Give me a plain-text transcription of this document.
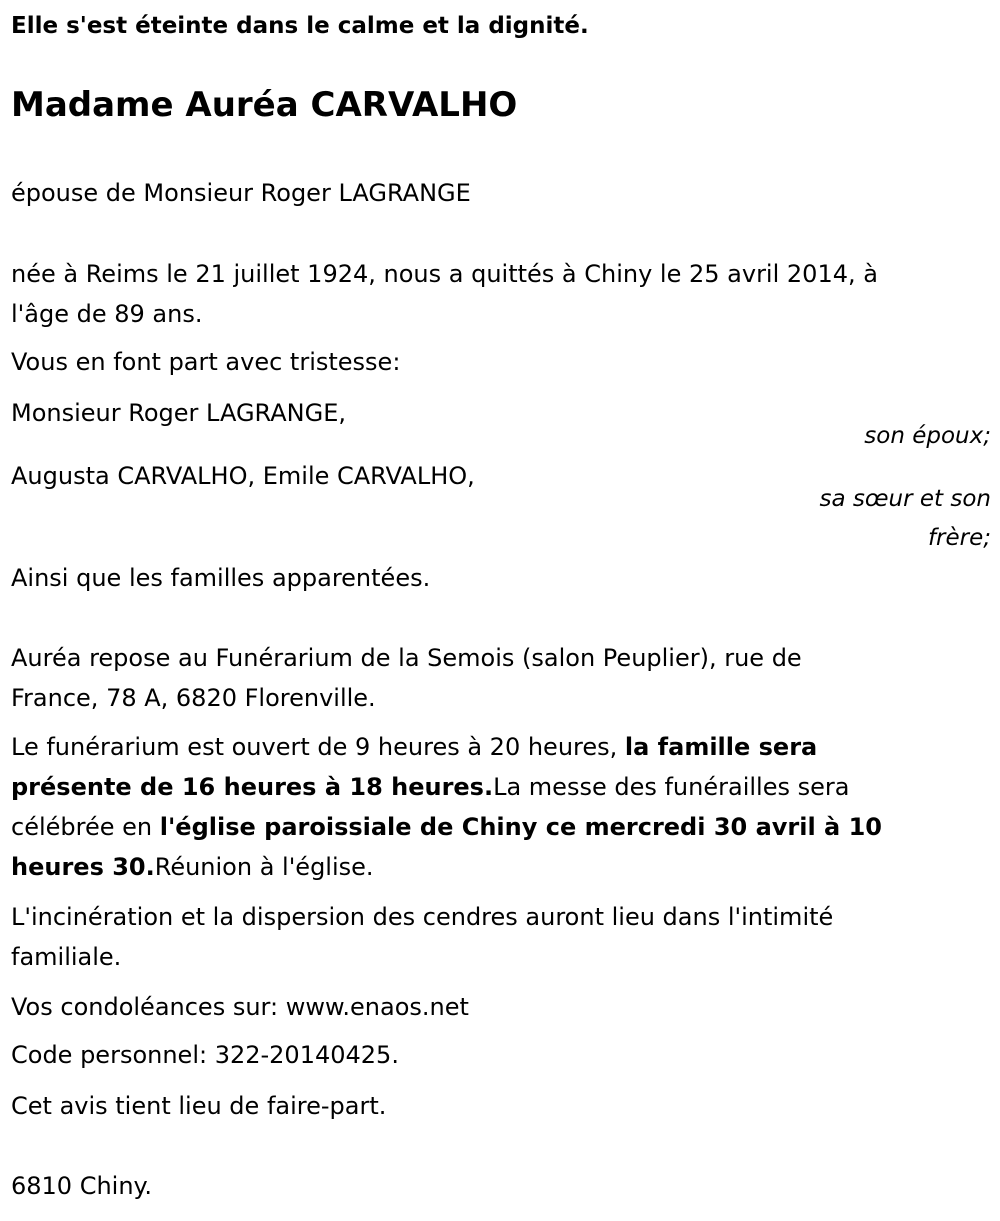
Elle s'est éteinte dans le calme et la dignité.
Madame Auréa CARVALHO
épouse de Monsieur Roger LAGRANGE
née à Reims le 21 juillet 1924, nous a quittés à Chiny le 25 avril 2014, à
l'âge de 89 ans.
Vous en font part avec tristesse:
Monsieur Roger LAGRANGE,
son époux;
Augusta CARVALHO, Emile CARVALHO,
sa sœur et son
frère;
Ainsi que les familles apparentées.
Auréa repose au Funérarium de la Semois (salon Peuplier), rue de
France, 78 A, 6820 Florenville.
Le funérarium est ouvert de 9 heures à 20 heures, la famille sera
présente de 16 heures à 18 heures.La messe des funérailles sera
célébrée en l'église paroissiale de Chiny ce mercredi 30 avril à 10
heures 30.Réunion à l'église.
L'incinération et la dispersion des cendres auront lieu dans l'intimité
familiale.
Vos condoléances sur: www.enaos.net
Code personnel: 322-20140425.
Cet avis tient lieu de faire-part.
6810 Chiny.
